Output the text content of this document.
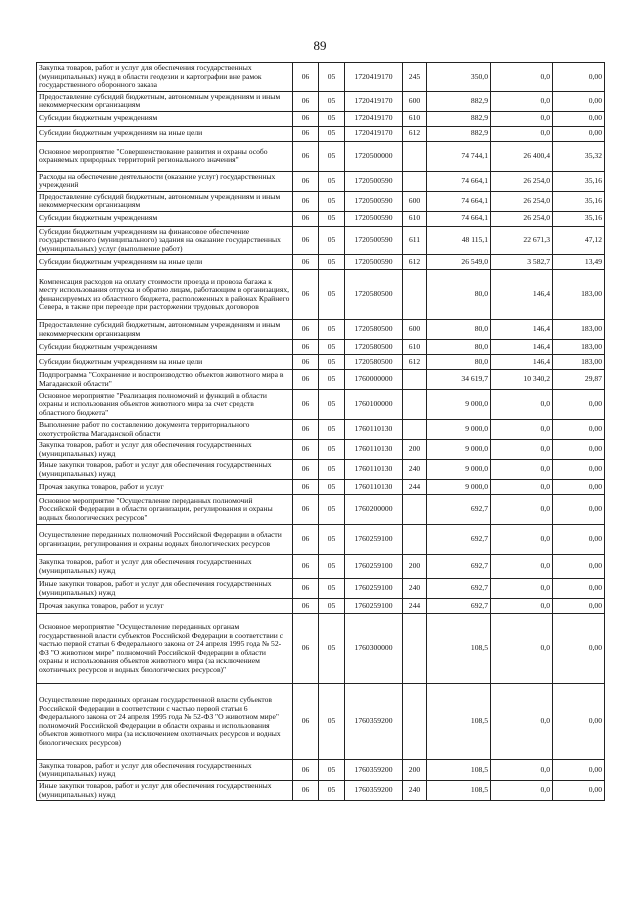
89
Закупка товаров, работ и услуг для обеспечения государственных (муниципальных) нужд в области геодезии и картографии вне рамок государственного оборонного заказа	06	05	1720419170	245	350,0	0,0	0,00
Предоставление субсидий бюджетным, автономным учреждениям и иным некоммерческим организациям	06	05	1720419170	600	882,9	0,0	0,00
Субсидии бюджетным учреждениям	06	05	1720419170	610	882,9	0,0	0,00
Субсидии бюджетным учреждениям на иные цели	06	05	1720419170	612	882,9	0,0	0,00
Основное мероприятие "Совершенствование развития и охраны особо охраняемых природных территорий регионального значения"	06	05	1720500000		74 744,1	26 400,4	35,32
Расходы на обеспечение деятельности (оказание услуг) государственных учреждений	06	05	1720500590		74 664,1	26 254,0	35,16
Предоставление субсидий бюджетным, автономным учреждениям и иным некоммерческим организациям	06	05	1720500590	600	74 664,1	26 254,0	35,16
Субсидии бюджетным учреждениям	06	05	1720500590	610	74 664,1	26 254,0	35,16
Субсидии бюджетным учреждениям на финансовое обеспечение государственного (муниципального) задания на оказание государственных (муниципальных) услуг (выполнение работ)	06	05	1720500590	611	48 115,1	22 671,3	47,12
Субсидии бюджетным учреждениям на иные цели	06	05	1720500590	612	26 549,0	3 582,7	13,49
Компенсация расходов на оплату стоимости проезда и провоза багажа к месту использования отпуска и обратно лицам, работающим в организациях, финансируемых из областного бюджета, расположенных в районах Крайнего Севера, в также при переезде при расторжении трудовых договоров	06	05	1720580500		80,0	146,4	183,00
Предоставление субсидий бюджетным, автономным учреждениям и иным некоммерческим организациям	06	05	1720580500	600	80,0	146,4	183,00
Субсидии бюджетным учреждениям	06	05	1720580500	610	80,0	146,4	183,00
Субсидии бюджетным учреждениям на иные цели	06	05	1720580500	612	80,0	146,4	183,00
Подпрограмма "Сохранение и воспроизводство объектов животного мира в Магаданской области"	06	05	1760000000		34 619,7	10 340,2	29,87
Основное мероприятие "Реализация полномочий и функций в области охраны и использования объектов животного мира за счет средств областного бюджета"	06	05	1760100000		9 000,0	0,0	0,00
Выполнение работ по составлению документа территориального охотустройства Магаданской области	06	05	1760110130		9 000,0	0,0	0,00
Закупка товаров, работ и услуг для обеспечения государственных (муниципальных) нужд	06	05	1760110130	200	9 000,0	0,0	0,00
Иные закупки товаров, работ и услуг для обеспечения государственных (муниципальных) нужд	06	05	1760110130	240	9 000,0	0,0	0,00
Прочая закупка товаров, работ и услуг	06	05	1760110130	244	9 000,0	0,0	0,00
Основное мероприятие "Осуществление переданных полномочий Российской Федерации в области организации, регулирования и охраны водных биологических ресурсов"	06	05	1760200000		692,7	0,0	0,00
Осуществление переданных полномочий Российской Федерации в области организации, регулирования и охраны водных биологических ресурсов	06	05	1760259100		692,7	0,0	0,00
Закупка товаров, работ и услуг для обеспечения государственных (муниципальных) нужд	06	05	1760259100	200	692,7	0,0	0,00
Иные закупки товаров, работ и услуг для обеспечения государственных (муниципальных) нужд	06	05	1760259100	240	692,7	0,0	0,00
Прочая закупка товаров, работ и услуг	06	05	1760259100	244	692,7	0,0	0,00
Основное мероприятие "Осуществление переданных органам государственной власти субъектов Российской Федерации в соответствии с частью первой статьи 6 Федерального закона от 24 апреля 1995 года № 52-ФЗ "О животном мире" полномочий Российской Федерации в области охраны и использования объектов животного мира (за исключением охотничьих ресурсов и водных биологических ресурсов)"	06	05	1760300000		108,5	0,0	0,00
Осуществление переданных органам государственной власти субъектов Российской Федерации в соответствии с частью первой статьи 6 Федерального закона от 24 апреля 1995 года № 52-ФЗ "О животном мире" полномочий Российской Федерации в области охраны и использования объектов животного мира (за исключением охотничьих ресурсов и водных биологических ресурсов)	06	05	1760359200		108,5	0,0	0,00
Закупка товаров, работ и услуг для обеспечения государственных (муниципальных) нужд	06	05	1760359200	200	108,5	0,0	0,00
Иные закупки товаров, работ и услуг для обеспечения государственных (муниципальных) нужд	06	05	1760359200	240	108,5	0,0	0,00
